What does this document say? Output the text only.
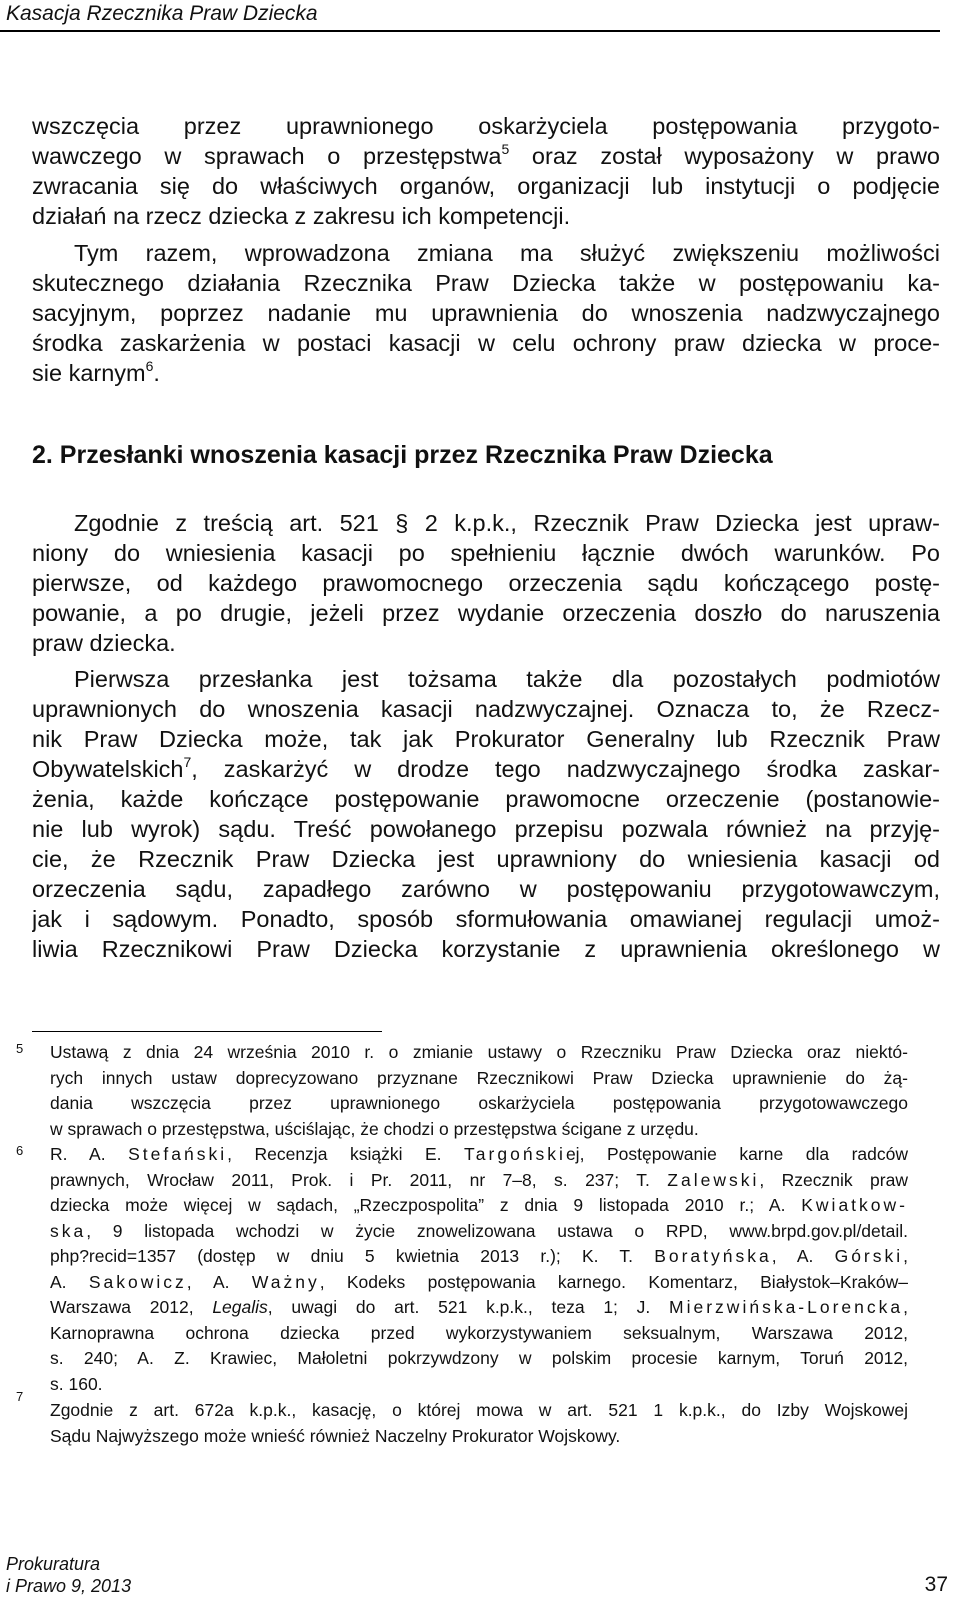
Kasacja Rzecznika Praw Dziecka
wszczęcia przez uprawnionego oskarżyciela postępowania przygoto-
wawczego w sprawach o przestępstwa$^5$ oraz został wyposażony w prawo
zwracania się do właściwych organów, organizacji lub instytucji o podjęcie
działań na rzecz dziecka z zakresu ich kompetencji.
Tym razem, wprowadzona zmiana ma służyć zwiększeniu możliwości
skutecznego działania Rzecznika Praw Dziecka także w postępowaniu ka-
sacyjnym, poprzez nadanie mu uprawnienia do wnoszenia nadzwyczajnego
środka zaskarżenia w postaci kasacji w celu ochrony praw dziecka w proce-
sie karnym$^6$.
2. Przesłanki wnoszenia kasacji przez Rzecznika Praw Dziecka
Zgodnie z treścią art. 521 § 2 k.p.k., Rzecznik Praw Dziecka jest upraw-
niony do wniesienia kasacji po spełnieniu łącznie dwóch warunków. Po
pierwsze, od każdego prawomocnego orzeczenia sądu kończącego postę-
powanie, a po drugie, jeżeli przez wydanie orzeczenia doszło do naruszenia
praw dziecka.
Pierwsza przesłanka jest tożsama także dla pozostałych podmiotów
uprawnionych do wnoszenia kasacji nadzwyczajnej. Oznacza to, że Rzecz-
nik Praw Dziecka może, tak jak Prokurator Generalny lub Rzecznik Praw
Obywatelskich$^7$, zaskarżyć w drodze tego nadzwyczajnego środka zaskar-
żenia, każde kończące postępowanie prawomocne orzeczenie (postanowie-
nie lub wyrok) sądu. Treść powołanego przepisu pozwala również na przyję-
cie, że Rzecznik Praw Dziecka jest uprawniony do wniesienia kasacji od
orzeczenia sądu, zapadłego zarówno w postępowaniu przygotowawczym,
jak i sądowym. Ponadto, sposób sformułowania omawianej regulacji umoż-
liwia Rzecznikowi Praw Dziecka korzystanie z uprawnienia określonego w
5 Ustawą z dnia 24 września 2010 r. o zmianie ustawy o Rzeczniku Praw Dziecka oraz niektó-
rych innych ustaw doprecyzowano przyznane Rzecznikowi Praw Dziecka uprawnienie do żą-
dania wszczęcia przez uprawnionego oskarżyciela postępowania przygotowawczego
w sprawach o przestępstwa, uściślając, że chodzi o przestępstwa ścigane z urzędu.
6 R. A. Stefański, Recenzja książki E. Targońskiej, Postępowanie karne dla radców
prawnych, Wrocław 2011, Prok. i Pr. 2011, nr 7–8, s. 237; T. Zalewski, Rzecznik praw
dziecka może więcej w sądach, „Rzeczpospolita” z dnia 9 listopada 2010 r.; A. Kwiatkow-
ska, 9 listopada wchodzi w życie znowelizowana ustawa o RPD, www.brpd.gov.pl/detail.
php?recid=1357 (dostęp w dniu 5 kwietnia 2013 r.); K. T. Boratyńska, A. Górski,
A. Sakowicz, A. Ważny, Kodeks postępowania karnego. Komentarz, Białystok–Kraków–
Warszawa 2012, Legalis, uwagi do art. 521 k.p.k., teza 1; J. Mierzwińska-Lorencka,
Karnoprawna ochrona dziecka przed wykorzystywaniem seksualnym, Warszawa 2012,
s. 240; A. Z. Krawiec, Małoletni pokrzywdzony w polskim procesie karnym, Toruń 2012,
s. 160.
7
Zgodnie z art. 672a k.p.k., kasację, o której mowa w art. 521 1 k.p.k., do Izby Wojskowej
Sądu Najwyższego może wnieść również Naczelny Prokurator Wojskowy.
Prokuratura
i Prawo 9, 2013	37
